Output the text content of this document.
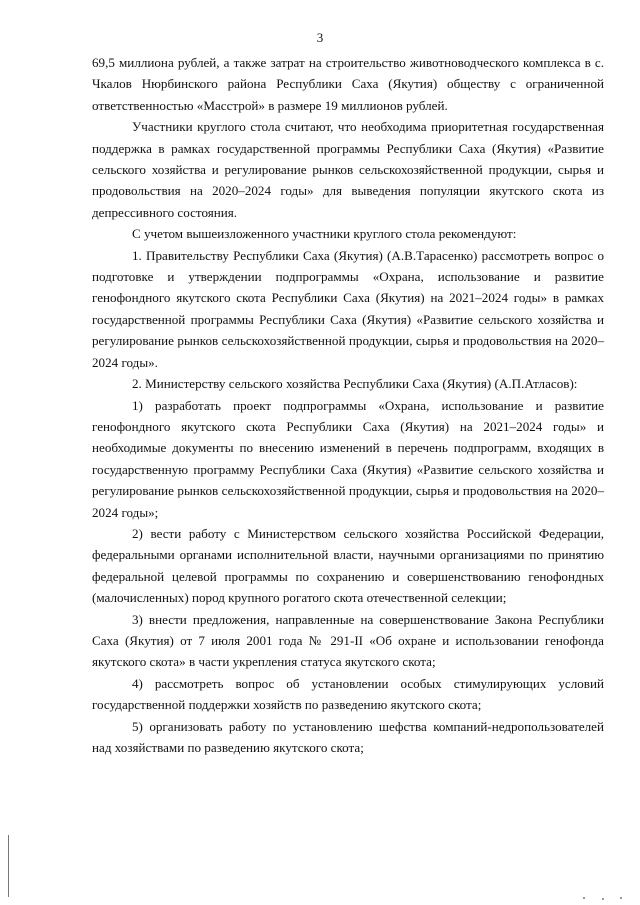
3

69,5 миллиона рублей, а также затрат на строительство животноводческого комплекса в с. Чкалов Нюрбинского района Республики Саха (Якутия) обществу с ограниченной ответственностью «Масстрой» в размере 19 миллионов рублей.

Участники круглого стола считают, что необходима приоритетная государственная поддержка в рамках государственной программы Республики Саха (Якутия) «Развитие сельского хозяйства и регулирование рынков сельскохозяйственной продукции, сырья и продовольствия на 2020–2024 годы» для выведения популяции якутского скота из депрессивного состояния.

С учетом вышеизложенного участники круглого стола рекомендуют:

1. Правительству Республики Саха (Якутия) (А.В.Тарасенко) рассмотреть вопрос о подготовке и утверждении подпрограммы «Охрана, использование и развитие генофондного якутского скота Республики Саха (Якутия) на 2021–2024 годы» в рамках государственной программы Республики Саха (Якутия) «Развитие сельского хозяйства и регулирование рынков сельскохозяйственной продукции, сырья и продовольствия на 2020–2024 годы».

2. Министерству сельского хозяйства Республики Саха (Якутия) (А.П.Атласов):

1) разработать проект подпрограммы «Охрана, использование и развитие генофондного якутского скота Республики Саха (Якутия) на 2021–2024 годы» и необходимые документы по внесению изменений в перечень подпрограмм, входящих в государственную программу Республики Саха (Якутия) «Развитие сельского хозяйства и регулирование рынков сельскохозяйственной продукции, сырья и продовольствия на 2020–2024 годы»;

2) вести работу с Министерством сельского хозяйства Российской Федерации, федеральными органами исполнительной власти, научными организациями по принятию федеральной целевой программы по сохранению и совершенствованию генофондных (малочисленных) пород крупного рогатого скота отечественной селекции;

3) внести предложения, направленные на совершенствование Закона Республики Саха (Якутия) от 7 июля 2001 года № 291-II «Об охране и использовании генофонда якутского скота» в части укрепления статуса якутского скота;

4) рассмотреть вопрос об установлении особых стимулирующих условий государственной поддержки хозяйств по разведению якутского скота;

5) организовать работу по установлению шефства компаний-недропользователей над хозяйствами по разведению якутского скота;
